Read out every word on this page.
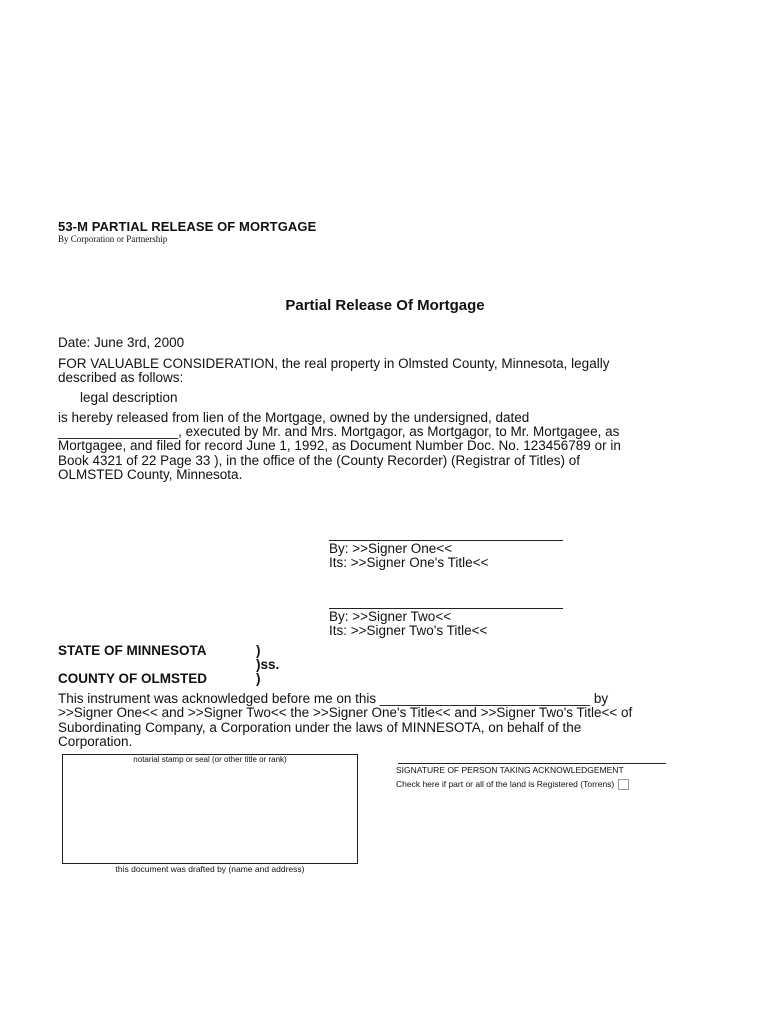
53-M PARTIAL RELEASE OF MORTGAGE
By Corporation or Partnership
Partial Release Of Mortgage
Date: June 3rd, 2000
FOR VALUABLE CONSIDERATION, the real property in Olmsted County, Minnesota, legally
described as follows:
legal description
is hereby released from lien of the Mortgage, owned by the undersigned, dated
________________, executed by Mr. and Mrs. Mortgagor, as Mortgagor, to Mr. Mortgagee, as
Mortgagee, and filed for record June 1, 1992, as Document Number Doc. No. 123456789 or in
Book 4321 of 22 Page 33 ), in the office of the (County Recorder) (Registrar of Titles) of
OLMSTED County, Minnesota.
By: >>Signer One<<
Its: >>Signer One's Title<<
By: >>Signer Two<<
Its: >>Signer Two's Title<<
STATE OF MINNESOTA	)
)ss.
COUNTY OF OLMSTED	)
This instrument was acknowledged before me on this ____________________________ by
>>Signer One<< and >>Signer Two<< the >>Signer One's Title<< and >>Signer Two's Title<< of
Subordinating Company, a Corporation under the laws of MINNESOTA, on behalf of the
Corporation.
notarial stamp or seal (or other title or rank)
this document was drafted by (name and address)
SIGNATURE OF PERSON TAKING ACKNOWLEDGEMENT
Check here if part or all of the land is Registered (Torrens)
